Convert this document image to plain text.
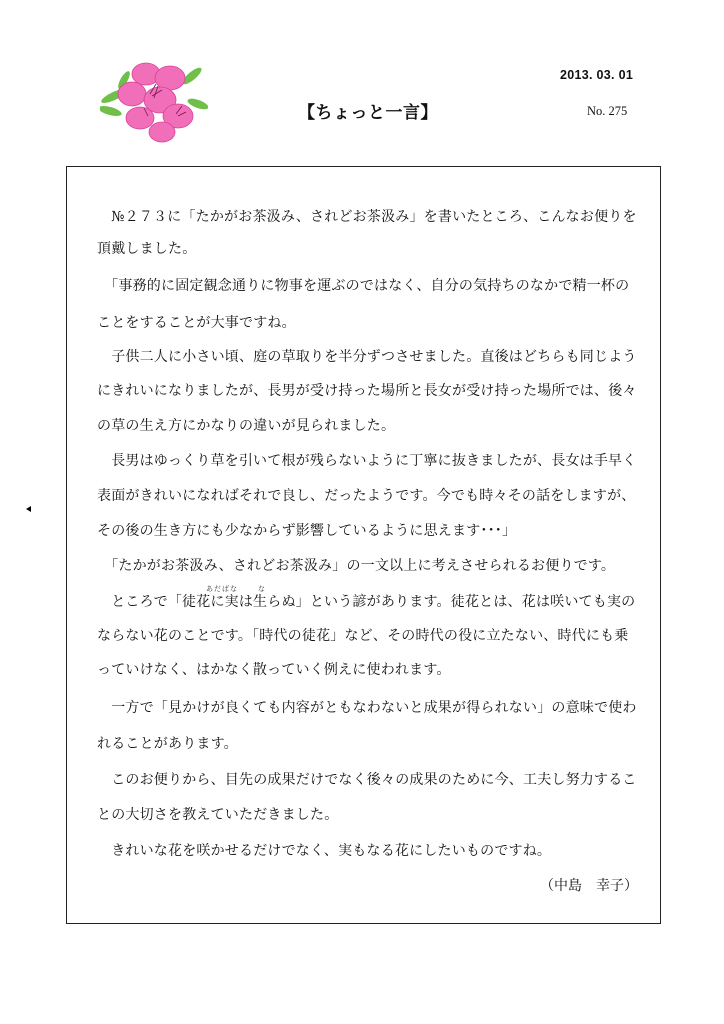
2013. 03. 01
【ちょっと一言】	No. 275
　№２７３に「たかがお茶汲み、されどお茶汲み」を書いたところ、こんなお便りを
頂戴しました。
　「事務的に固定観念通りに物事を運ぶのではなく、自分の気持ちのなかで精一杯の
ことをすることが大事ですね。
　子供二人に小さい頃、庭の草取りを半分ずつさせました。直後はどちらも同じよう
にきれいになりましたが、長男が受け持った場所と長女が受け持った場所では、後々
の草の生え方にかなりの違いが見られました。
　長男はゆっくり草を引いて根が残らないように丁寧に抜きましたが、長女は手早く
表面がきれいになればそれで良し、だったようです。今でも時々その話をしますが、
その後の生き方にも少なからず影響しているように思えます･･･」
　「たかがお茶汲み、されどお茶汲み」の一文以上に考えさせられるお便りです。
　ところで「徒花に実は生らぬ」という諺があります。徒花とは、花は咲いても実の
ならない花のことです。「時代の徒花」など、その時代の役に立たない、時代にも乗
っていけなく、はかなく散っていく例えに使われます。
　一方で「見かけが良くても内容がともなわないと成果が得られない」の意味で使わ
れることがあります。
　このお便りから、目先の成果だけでなく後々の成果のために今、工夫し努力するこ
との大切さを教えていただきました。
　きれいな花を咲かせるだけでなく、実もなる花にしたいものですね。
あだばな	な
（中島　幸子）
